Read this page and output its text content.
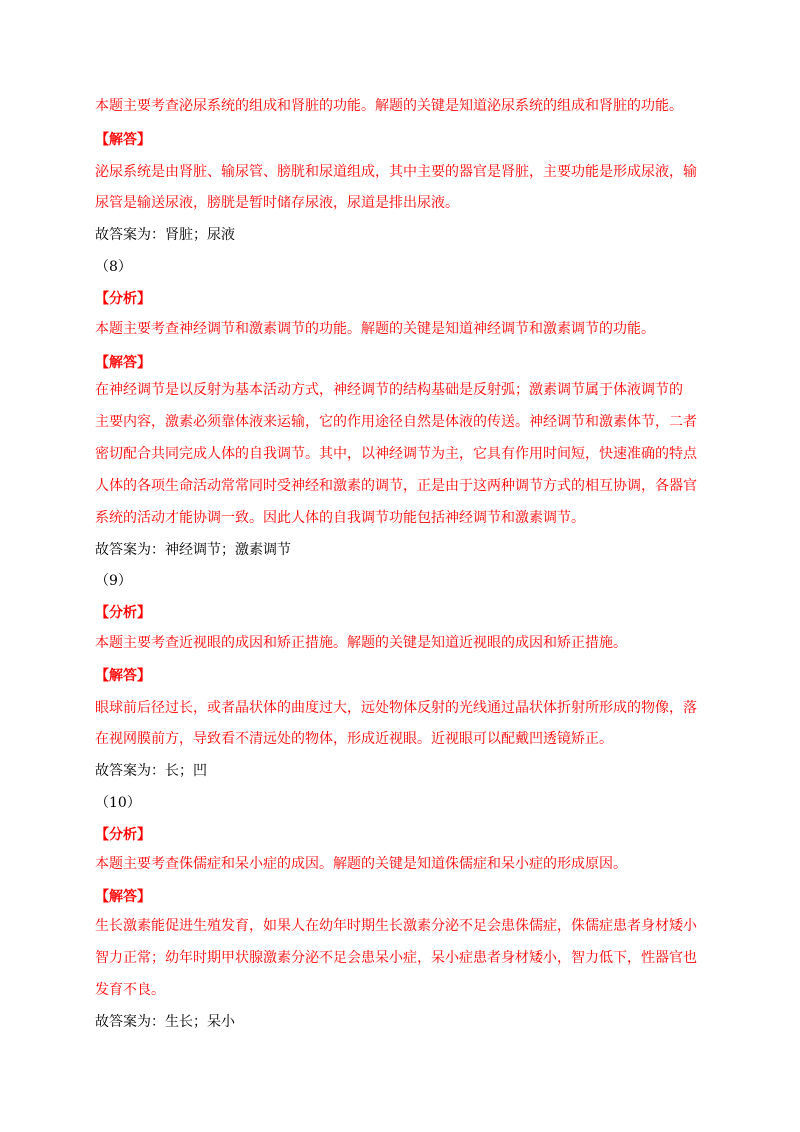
本题主要考查泌尿系统的组成和肾脏的功能。解题的关键是知道泌尿系统的组成和肾脏的功能。
【解答】
泌尿系统是由肾脏、输尿管、膀胱和尿道组成，其中主要的器官是肾脏，主要功能是形成尿液，输
尿管是输送尿液，膀胱是暂时储存尿液，尿道是排出尿液。
故答案为：肾脏；尿液
（8）
【分析】
本题主要考查神经调节和激素调节的功能。解题的关键是知道神经调节和激素调节的功能。
【解答】
在神经调节是以反射为基本活动方式，神经调节的结构基础是反射弧；激素调节属于体液调节的
主要内容，激素必须靠体液来运输，它的作用途径自然是体液的传送。神经调节和激素体节，二者
密切配合共同完成人体的自我调节。其中，以神经调节为主，它具有作用时间短，快速准确的特点
人体的各项生命活动常常同时受神经和激素的调节，正是由于这两种调节方式的相互协调，各器官
系统的活动才能协调一致。因此人体的自我调节功能包括神经调节和激素调节。
故答案为：神经调节；激素调节
（9）
【分析】
本题主要考查近视眼的成因和矫正措施。解题的关键是知道近视眼的成因和矫正措施。
【解答】
眼球前后径过长，或者晶状体的曲度过大，远处物体反射的光线通过晶状体折射所形成的物像，落
在视网膜前方，导致看不清远处的物体，形成近视眼。近视眼可以配戴凹透镜矫正。
故答案为：长；凹
（10）
【分析】
本题主要考查侏儒症和呆小症的成因。解题的关键是知道侏儒症和呆小症的形成原因。
【解答】
生长激素能促进生殖发育，如果人在幼年时期生长激素分泌不足会患侏儒症，侏儒症患者身材矮小
智力正常；幼年时期甲状腺激素分泌不足会患呆小症，呆小症患者身材矮小，智力低下，性器官也
发育不良。
故答案为：生长；呆小
